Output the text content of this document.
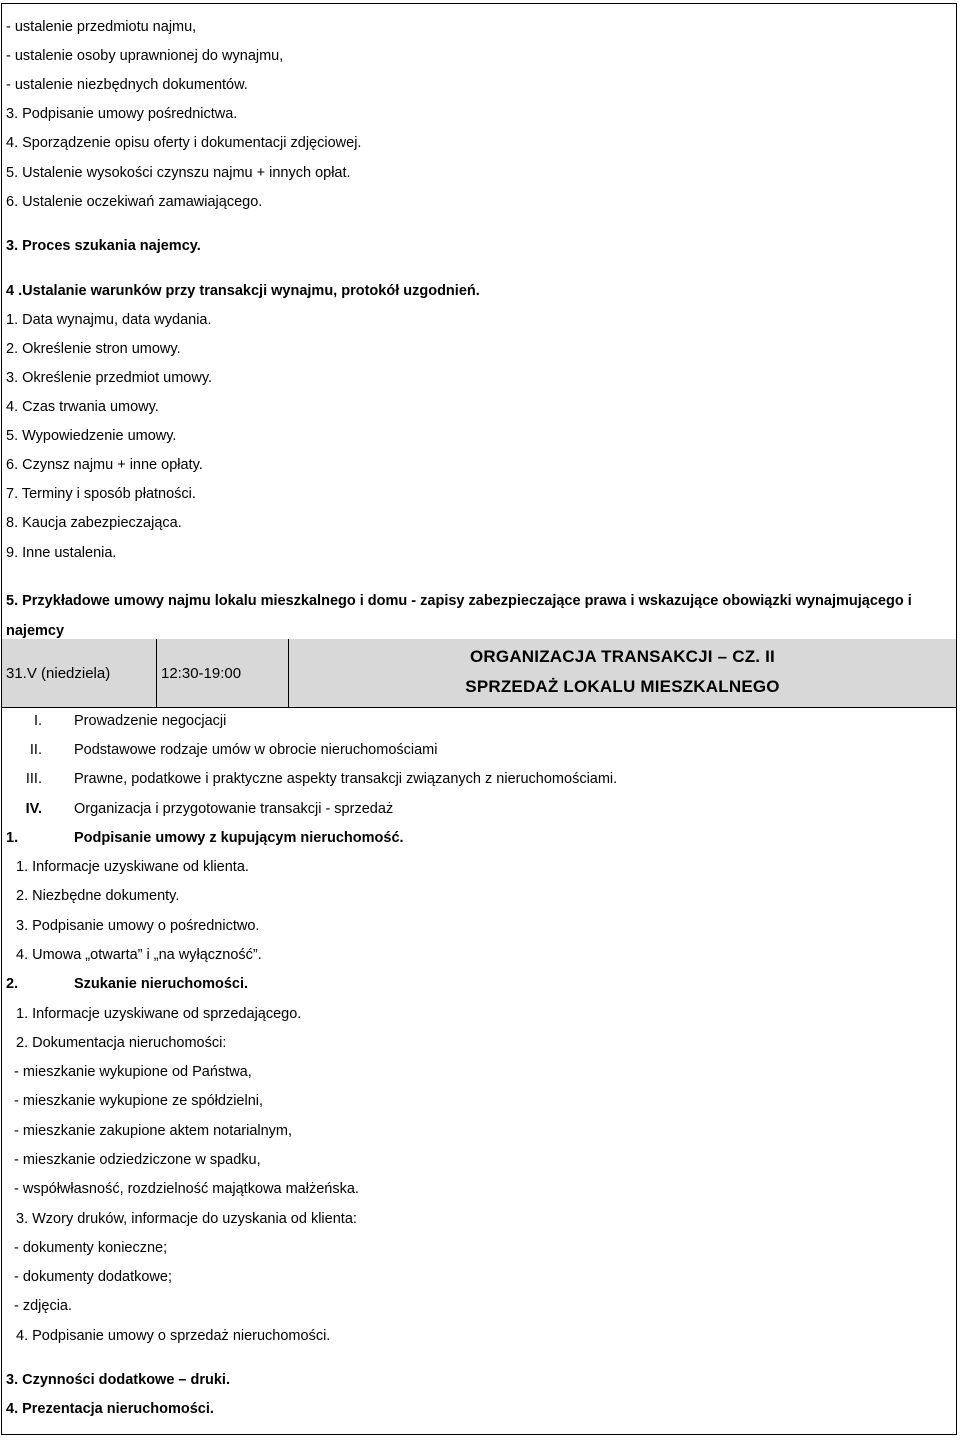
- ustalenie przedmiotu najmu,
- ustalenie osoby uprawnionej do wynajmu,
- ustalenie niezbędnych dokumentów.
3. Podpisanie umowy pośrednictwa.
4. Sporządzenie opisu oferty i dokumentacji zdjęciowej.
5. Ustalenie wysokości czynszu najmu + innych opłat.
6. Ustalenie oczekiwań zamawiającego.
3. Proces szukania najemcy.
4 .Ustalanie warunków przy transakcji wynajmu, protokół uzgodnień.
1. Data wynajmu, data wydania.
2. Określenie stron umowy.
3. Określenie przedmiot umowy.
4. Czas trwania umowy.
5. Wypowiedzenie umowy.
6. Czynsz najmu + inne opłaty.
7. Terminy i sposób płatności.
8. Kaucja zabezpieczająca.
9. Inne ustalenia.
5. Przykładowe umowy najmu lokalu mieszkalnego i domu - zapisy zabezpieczające prawa i wskazujące obowiązki wynajmującego i najemcy
31.V (niedziela)	12:30-19:00
ORGANIZACJA TRANSAKCJI – CZ. II
SPRZEDAŻ LOKALU MIESZKALNEGO
I. Prowadzenie negocjacji
II. Podstawowe rodzaje umów w obrocie nieruchomościami
III. Prawne, podatkowe i praktyczne aspekty transakcji związanych z nieruchomościami.
IV. Organizacja i przygotowanie transakcji - sprzedaż
1.	Podpisanie umowy z kupującym nieruchomość.
1. Informacje uzyskiwane od klienta.
2. Niezbędne dokumenty.
3. Podpisanie umowy o pośrednictwo.
4. Umowa „otwarta” i „na wyłączność”.
2.	Szukanie nieruchomości.
1. Informacje uzyskiwane od sprzedającego.
2. Dokumentacja nieruchomości:
- mieszkanie wykupione od Państwa,
- mieszkanie wykupione ze spółdzielni,
- mieszkanie zakupione aktem notarialnym,
- mieszkanie odziedziczone w spadku,
- współwłasność, rozdzielność majątkowa małżeńska.
3. Wzory druków, informacje do uzyskania od klienta:
- dokumenty konieczne;
- dokumenty dodatkowe;
- zdjęcia.
4. Podpisanie umowy o sprzedaż nieruchomości.
3. Czynności dodatkowe – druki.
4. Prezentacja nieruchomości.
